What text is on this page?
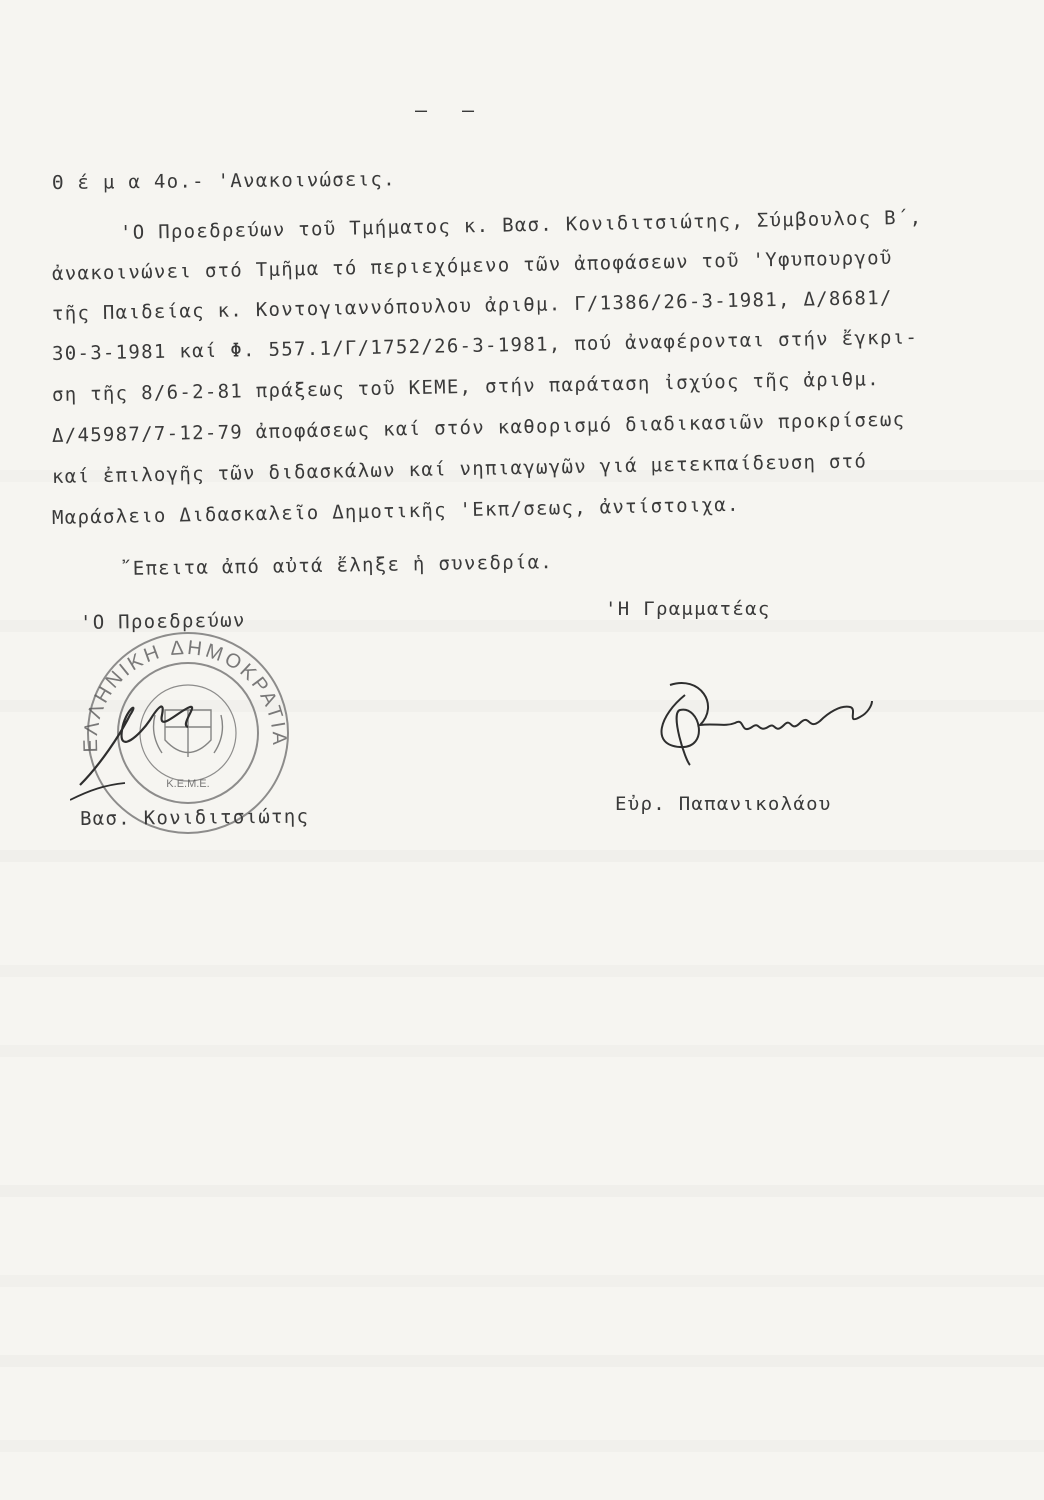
– –
Θ έ μ α 4ο.- 'Ανακοινώσεις.
'Ο Προεδρεύων τοῦ Τμήματος κ. Βασ. Κονιδιτσιώτης, Σύμβουλος Β΄,
ἀνακοινώνει στό Τμῆμα τό περιεχόμενο τῶν ἀποφάσεων τοῦ 'Υφυπουργοῦ
τῆς Παιδείας κ. Κοντογιαννόπουλου ἀριθμ. Γ/1386/26-3-1981, Δ/8681/
30-3-1981 καί Φ. 557.1/Γ/1752/26-3-1981, πού ἀναφέρονται στήν ἔγκρι-
ση τῆς 8/6-2-81 πράξεως τοῦ ΚΕΜΕ, στήν παράταση ἰσχύος τῆς ἀριθμ.
Δ/45987/7-12-79 ἀποφάσεως καί στόν καθορισμό διαδικασιῶν προκρίσεως
καί ἐπιλογῆς τῶν διδασκάλων καί νηπιαγωγῶν γιά μετεκπαίδευση στό
Μαράσλειο Διδασκαλεῖο Δημοτικῆς 'Εκπ/σεως, ἀντίστοιχα.
῎Επειτα ἀπό αὐτά ἔληξε ἡ συνεδρία.
'Ο Προεδρεύων
'Η Γραμματέας
ΕΛΛΗΝΙΚΗ ΔΗΜΟΚΡΑΤΙΑ
Κ.Ε.Μ.Ε.
Βασ. Κονιδιτσιώτης
Εὐρ. Παπανικολάου
